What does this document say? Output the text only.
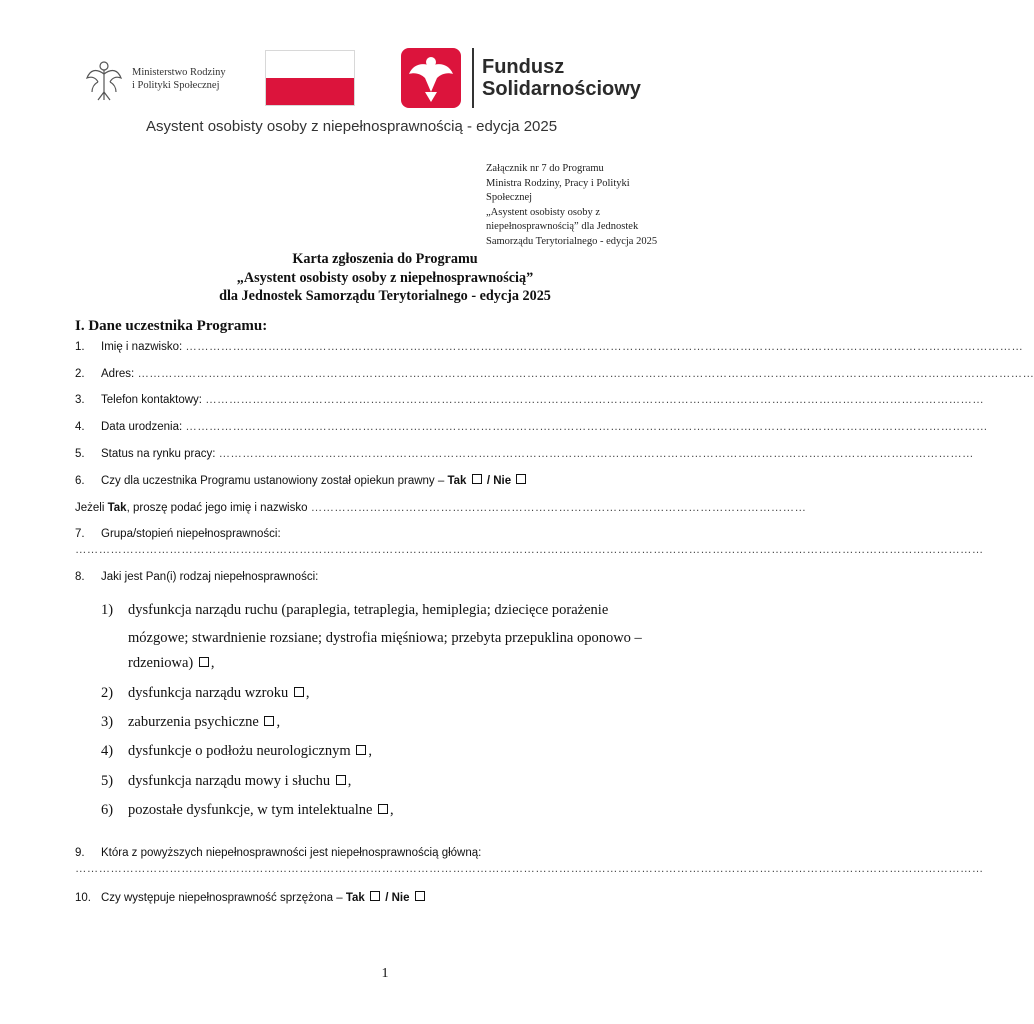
Ministerstwo Rodziny
i Polityki Społecznej
Fundusz
Solidarnościowy
Asystent osobisty osoby z niepełnosprawnością - edycja 2025
Załącznik nr 7 do Programu
Ministra Rodziny, Pracy i Polityki
Społecznej
„Asystent osobisty osoby z
niepełnosprawnością” dla Jednostek
Samorządu Terytorialnego - edycja 2025
Karta zgłoszenia do Programu
„Asystent osobisty osoby z niepełnosprawnością”
dla Jednostek Samorządu Terytorialnego - edycja 2025
I. Dane uczestnika Programu:
1. Imię i nazwisko: ……………………………………………………………………………………………………………………………………………………………………………………………
2. Adres: …………………………………………………………………………………………………………………………………………………………………………………………………………
3. Telefon kontaktowy: ………………………………………………………………………………………………………………………………………………………………………………
4. Data urodzenia: ……………………………………………………………………………………………………………………………………………………………………………………
5. Status na rynku pracy: …………………………………………………………………………………………………………………………………………………………………………
6. Czy dla uczestnika Programu ustanowiony został opiekun prawny – Tak / Nie
Jeżeli Tak, proszę podać jego imię i nazwisko ………………………………………………………………………………………………………………
7. Grupa/stopień niepełnosprawności:
……………………………………………………………………………………………………………………………………………………………………………………………………………
8. Jaki jest Pan(i) rodzaj niepełnosprawności:
1) dysfunkcja narządu ruchu (paraplegia, tetraplegia, hemiplegia; dziecięce porażenie
mózgowe; stwardnienie rozsiane; dystrofia mięśniowa; przebyta przepuklina oponowo –
rdzeniowa) ,
2) dysfunkcja narządu wzroku ,
3) zaburzenia psychiczne ,
4) dysfunkcje o podłożu neurologicznym ,
5) dysfunkcja narządu mowy i słuchu ,
6) pozostałe dysfunkcje, w tym intelektualne ,
9. Która z powyższych niepełnosprawności jest niepełnosprawnością główną:
……………………………………………………………………………………………………………………………………………………………………………………………………………
10. Czy występuje niepełnosprawność sprzężona – Tak / Nie
1
